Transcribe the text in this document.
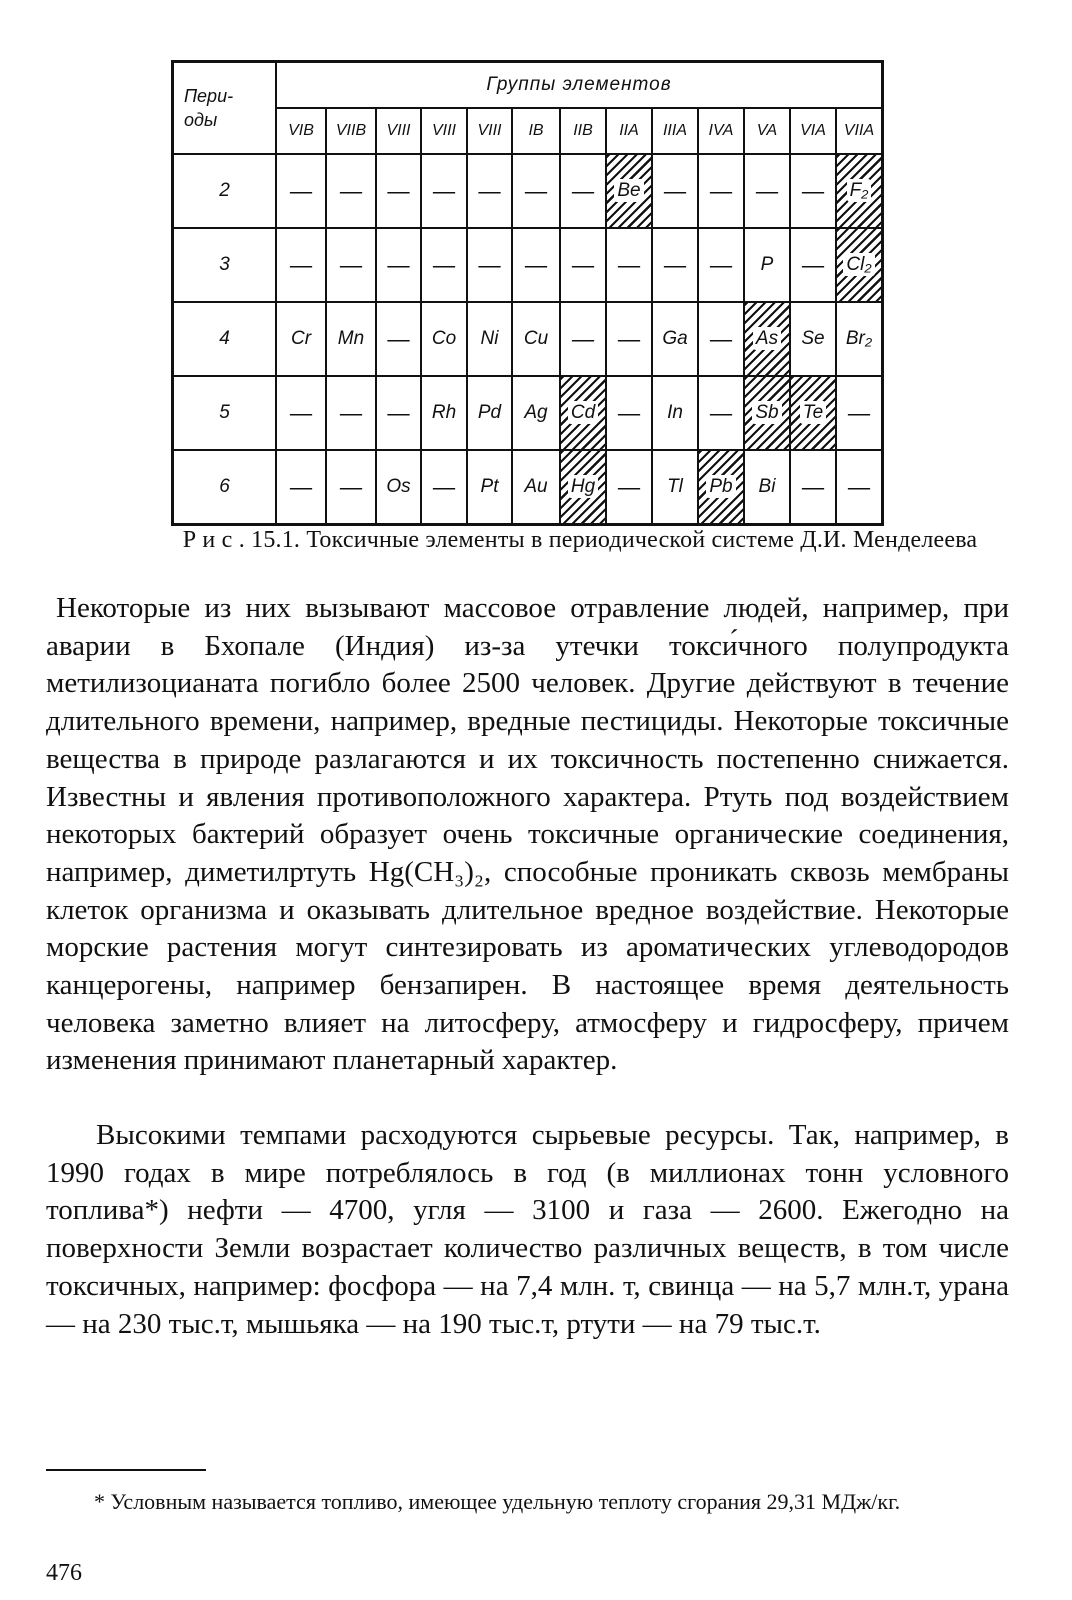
Пери-
оды	Группы элементов												
	VIB	VIIB	VIII	VIII	VIII	IB	IIB	IIA	IIIA	IVA	VA	VIA	VIIA
2	—	—	—	—	—	—	—	Be	—	—	—	—	F₂
3	—	—	—	—	—	—	—	—	—	—	P	—	Cl₂
4	Cr	Mn	—	Co	Ni	Cu	—	—	Ga	—	As	Se	Br₂
5	—	—	—	Rh	Pd	Ag	Cd	—	In	—	Sb	Te	—
6	—	—	Os	—	Pt	Au	Hg	—	Tl	Pb	Bi	—	—
Р и с . 15.1. Токсичные элементы в периодической системе Д.И. Менделеева

Некоторые из них вызывают массовое отравление людей, например, при аварии в Бхопале (Индия) из-за утечки токси́чного полупродукта метилизоцианата погибло более 2500 человек. Другие действуют в течение длительного времени, например, вредные пестициды. Некоторые токсичные вещества в природе разлагаются и их токсичность постепенно снижается. Известны и явления противоположного характера. Ртуть под воздействием некоторых бактерий образует очень токсичные органические соединения, например, диметилртуть Hg(CH₃)₂, способные проникать сквозь мембраны клеток организма и оказывать длительное вредное воздействие. Некоторые морские растения могут синтезировать из ароматических углеводородов канцерогены, например бензапирен. В настоящее время деятельность человека заметно влияет на литосферу, атмосферу и гидросферу, причем изменения принимают планетарный характер.

Высокими темпами расходуются сырьевые ресурсы. Так, например, в 1990 годах в мире потреблялось в год (в миллионах тонн условного топлива*) нефти — 4700, угля — 3100 и газа — 2600. Ежегодно на поверхности Земли возрастает количество различных веществ, в том числе токсичных, например: фосфора — на 7,4 млн. т, свинца — на 5,7 млн.т, урана — на 230 тыс.т, мышьяка — на 190 тыс.т, ртути — на 79 тыс.т.

* Условным называется топливо, имеющее удельную теплоту сгорания 29,31 МДж/кг.

476
